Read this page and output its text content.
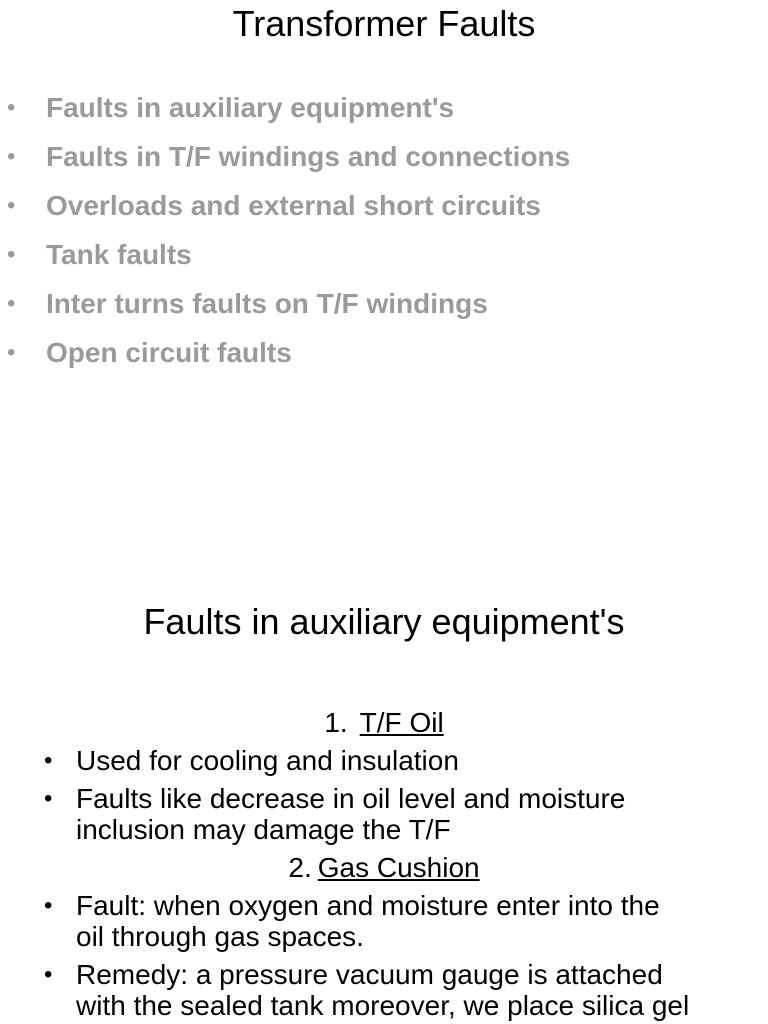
Transformer Faults
• Faults in auxiliary equipment's
• Faults in T/F windings and connections
• Overloads and external short circuits
• Tank faults
• Inter turns faults on T/F windings
• Open circuit faults
Faults in auxiliary equipment's
1. T/F Oil
• Used for cooling and insulation
• Faults like decrease in oil level and moisture
inclusion may damage the T/F
2. Gas Cushion
• Fault: when oxygen and moisture enter into the
oil through gas spaces.
• Remedy: a pressure vacuum gauge is attached
with the sealed tank moreover, we place silica gel
